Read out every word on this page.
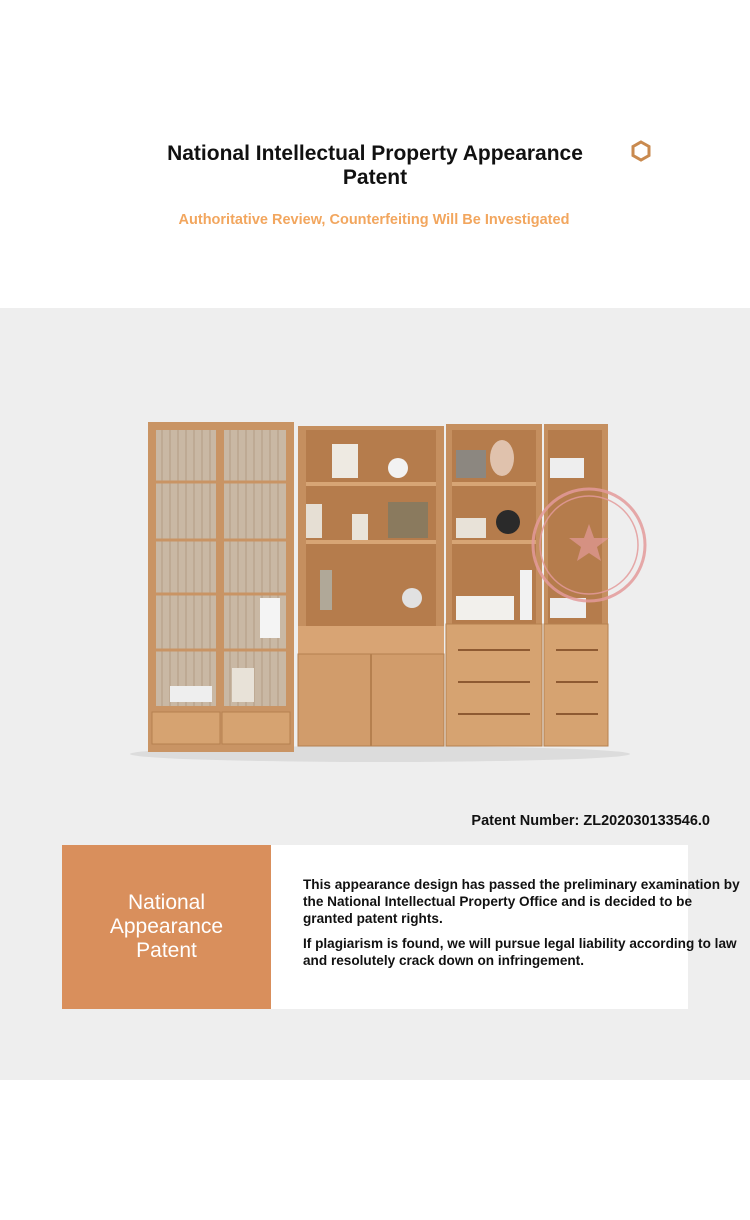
National Intellectual Property Appearance Patent
Authoritative Review, Counterfeiting Will Be Investigated
Patent Number: ZL202030133546.0
National
Appearance
Patent

This appearance design has passed the preliminary examination by the National Intellectual Property Office and is decided to be granted patent rights.

If plagiarism is found, we will pursue legal liability according to law and resolutely crack down on infringement.
